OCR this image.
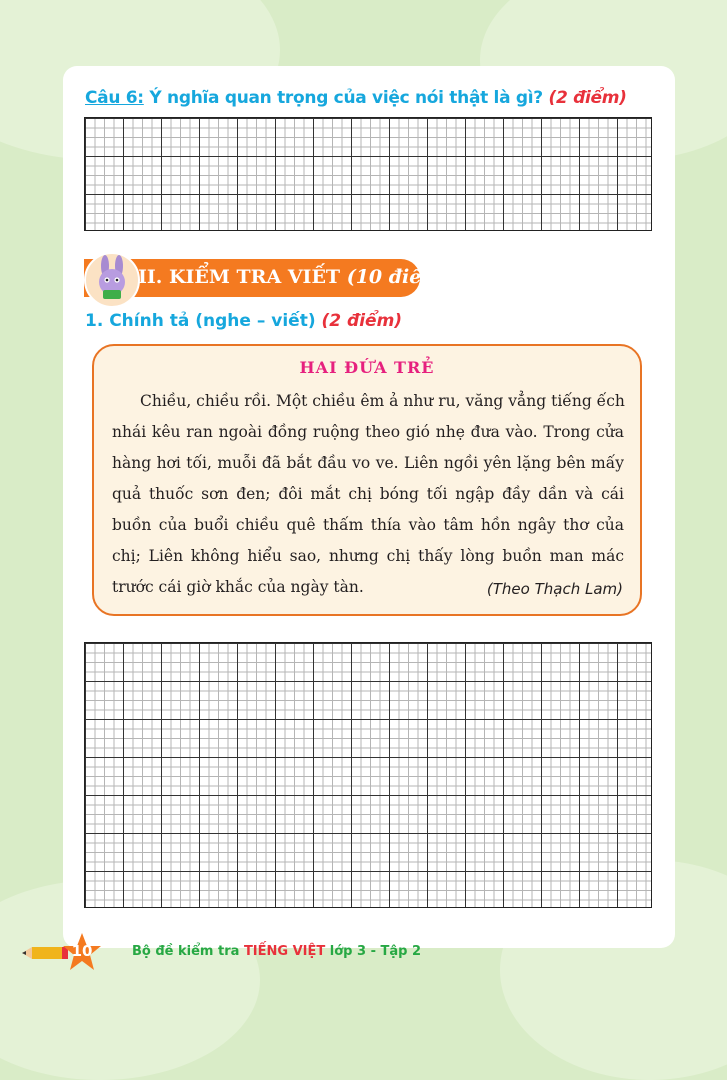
Câu 6: Ý nghĩa quan trọng của việc nói thật là gì? (2 điểm)
II. KIỂM TRA VIẾT (10 điểm)
1. Chính tả (nghe – viết) (2 điểm)
HAI ĐỨA TRẺ
Chiều, chiều rồi. Một chiều êm ả như ru, văng vẳng tiếng ếch
nhái kêu ran ngoài đồng ruộng theo gió nhẹ đưa vào. Trong cửa
hàng hơi tối, muỗi đã bắt đầu vo ve. Liên ngồi yên lặng bên mấy
quả thuốc sơn đen; đôi mắt chị bóng tối ngập đầy dần và cái
buồn của buổi chiều quê thấm thía vào tâm hồn ngây thơ của
chị; Liên không hiểu sao, nhưng chị thấy lòng buồn man mác
trước cái giờ khắc của ngày tàn.	(Theo Thạch Lam)
10	Bộ đề kiểm tra TIẾNG VIỆT lớp 3 - Tập 2
